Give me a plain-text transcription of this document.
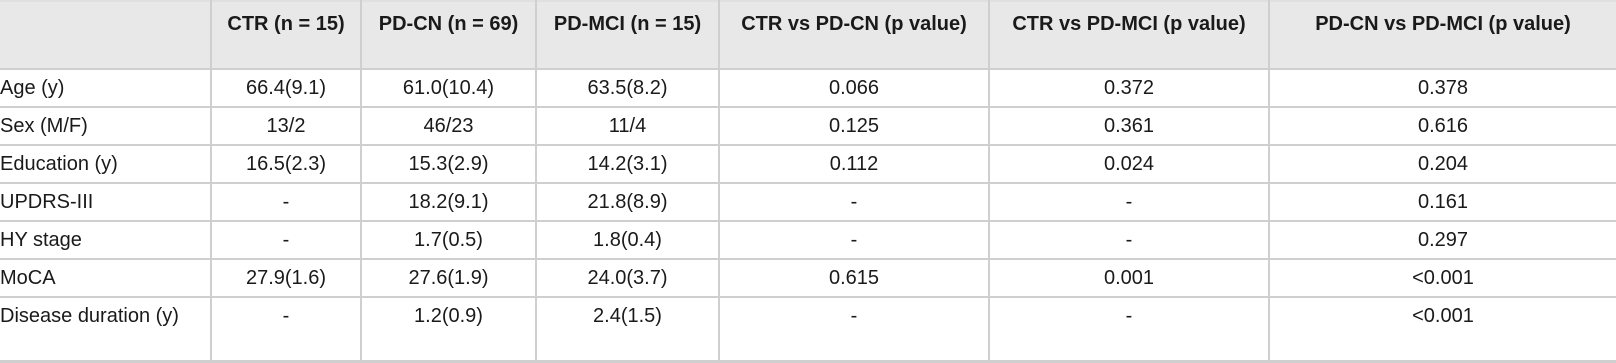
	CTR (n = 15)	PD-CN (n = 69)	PD-MCI (n = 15)	CTR vs PD-CN (p value)	CTR vs PD-MCI (p value)	PD-CN vs PD-MCI (p value)
Age (y)	66.4(9.1)	61.0(10.4)	63.5(8.2)	0.066	0.372	0.378
Sex (M/F)	13/2	46/23	11/4	0.125	0.361	0.616
Education (y)	16.5(2.3)	15.3(2.9)	14.2(3.1)	0.112	0.024	0.204
UPDRS-III	-	18.2(9.1)	21.8(8.9)	-	-	0.161
HY stage	-	1.7(0.5)	1.8(0.4)	-	-	0.297
MoCA	27.9(1.6)	27.6(1.9)	24.0(3.7)	0.615	0.001	<0.001
Disease duration (y)	-	1.2(0.9)	2.4(1.5)	-	-	<0.001
